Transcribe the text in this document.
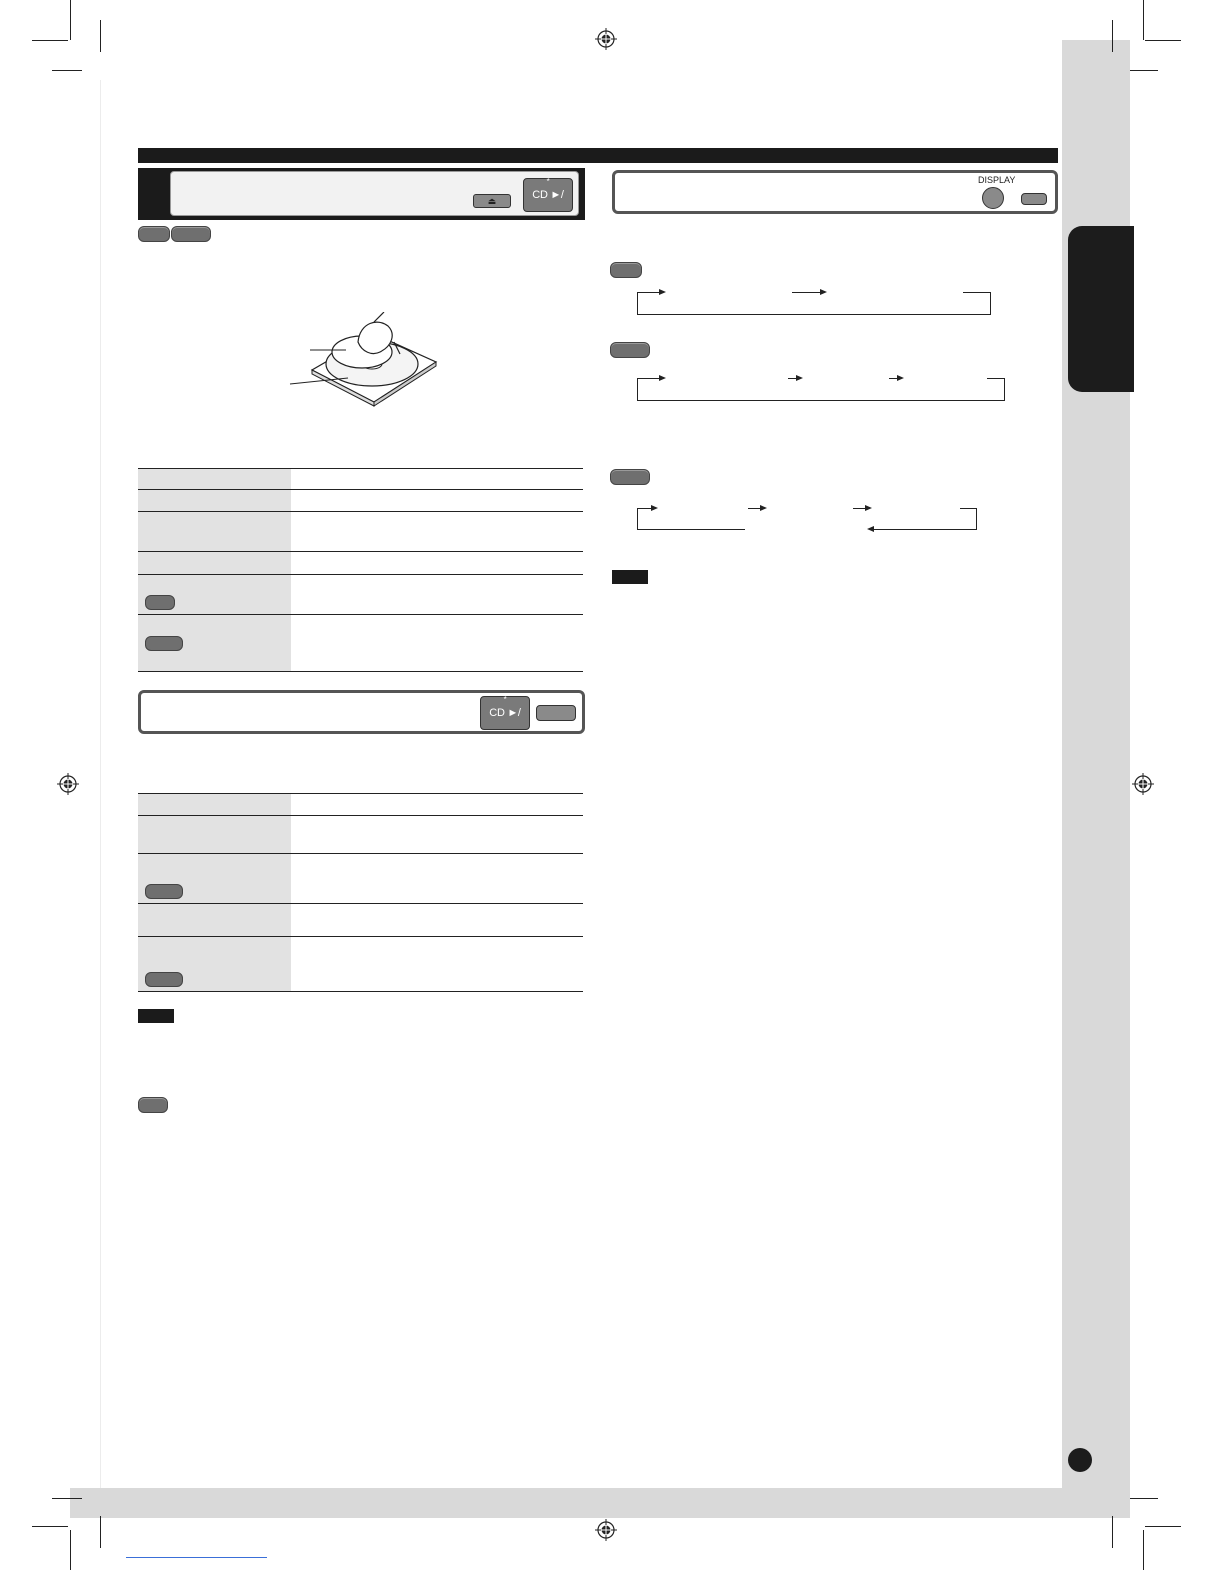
⏏
*
CD ►/❚❚

*
CD ►/❚❚

DISPLAY
